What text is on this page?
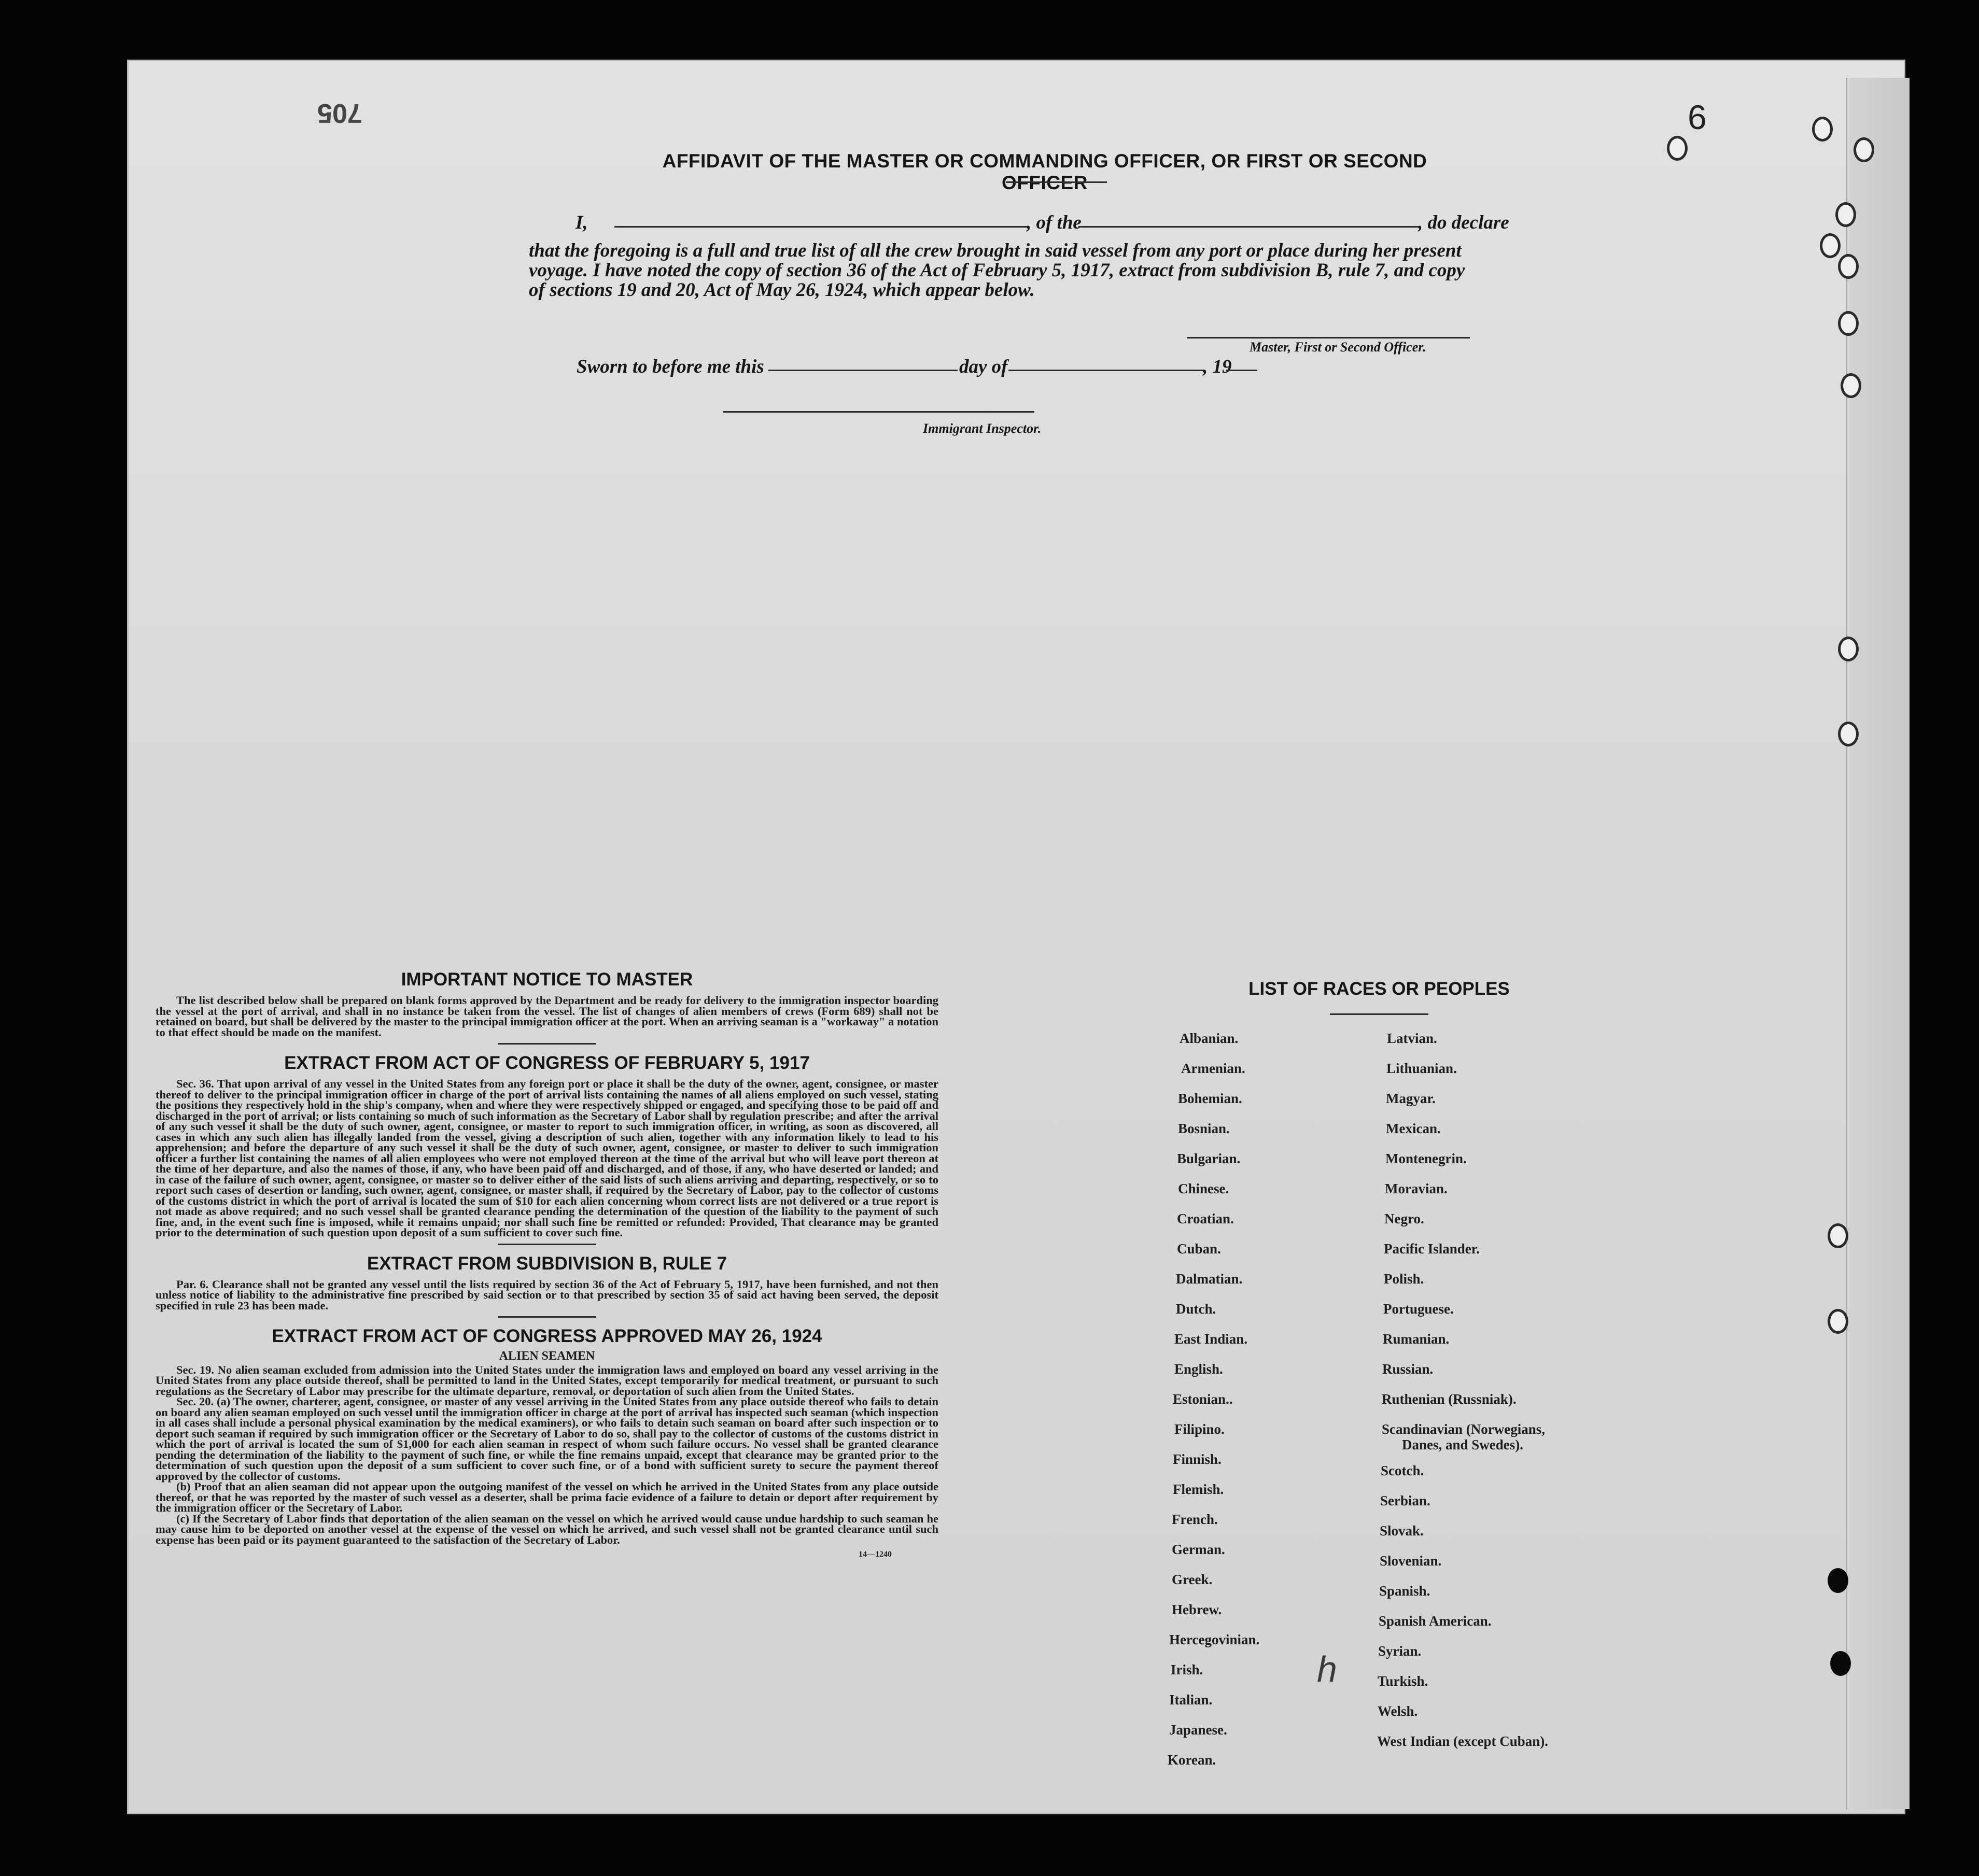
705	6
h
AFFIDAVIT OF THE MASTER OR COMMANDING OFFICER, OR FIRST OR SECOND OFFICER
I,	, of the	, do declare
that the foregoing is a full and true list of all the crew brought in said vessel from any port or place during her present
voyage. I have noted the copy of section 36 of the Act of February 5, 1917, extract from subdivision B, rule 7, and copy
of sections 19 and 20, Act of May 26, 1924, which appear below.
Master, First or Second Officer.
Sworn to before me this	day of	, 19
Immigrant Inspector.

IMPORTANT NOTICE TO MASTER

The list described below shall be prepared on blank forms approved by the Department and be ready for delivery to the immigration inspector boarding the vessel at the port of arrival, and shall in no instance be taken from the vessel. The list of changes of alien members of crews (Form 689) shall not be retained on board, but shall be delivered by the master to the principal immigration officer at the port. When an arriving seaman is a "workaway" a notation to that effect should be made on the manifest.

EXTRACT FROM ACT OF CONGRESS OF FEBRUARY 5, 1917

Sec. 36. That upon arrival of any vessel in the United States from any foreign port or place it shall be the duty of the owner, agent, consignee, or master thereof to deliver to the principal immigration officer in charge of the port of arrival lists containing the names of all aliens employed on such vessel, stating the positions they respectively hold in the ship's company, when and where they were respectively shipped or engaged, and specifying those to be paid off and discharged in the port of arrival; or lists containing so much of such information as the Secretary of Labor shall by regulation prescribe; and after the arrival of any such vessel it shall be the duty of such owner, agent, consignee, or master to report to such immigration officer, in writing, as soon as discovered, all cases in which any such alien has illegally landed from the vessel, giving a description of such alien, together with any information likely to lead to his apprehension; and before the departure of any such vessel it shall be the duty of such owner, agent, consignee, or master to deliver to such immigration officer a further list containing the names of all alien employees who were not employed thereon at the time of the arrival but who will leave port thereon at the time of her departure, and also the names of those, if any, who have been paid off and discharged, and of those, if any, who have deserted or landed; and in case of the failure of such owner, agent, consignee, or master so to deliver either of the said lists of such aliens arriving and departing, respectively, or so to report such cases of desertion or landing, such owner, agent, consignee, or master shall, if required by the Secretary of Labor, pay to the collector of customs of the customs district in which the port of arrival is located the sum of $10 for each alien concerning whom correct lists are not delivered or a true report is not made as above required; and no such vessel shall be granted clearance pending the determination of the question of the liability to the payment of such fine, and, in the event such fine is imposed, while it remains unpaid; nor shall such fine be remitted or refunded: Provided, That clearance may be granted prior to the determination of such question upon deposit of a sum sufficient to cover such fine.

EXTRACT FROM SUBDIVISION B, RULE 7

Par. 6. Clearance shall not be granted any vessel until the lists required by section 36 of the Act of February 5, 1917, have been furnished, and not then unless notice of liability to the administrative fine prescribed by said section or to that prescribed by section 35 of said act having been served, the deposit specified in rule 23 has been made.

EXTRACT FROM ACT OF CONGRESS APPROVED MAY 26, 1924

ALIEN SEAMEN

Sec. 19. No alien seaman excluded from admission into the United States under the immigration laws and employed on board any vessel arriving in the United States from any place outside thereof, shall be permitted to land in the United States, except temporarily for medical treatment, or pursuant to such regulations as the Secretary of Labor may prescribe for the ultimate departure, removal, or deportation of such alien from the United States.

Sec. 20. (a) The owner, charterer, agent, consignee, or master of any vessel arriving in the United States from any place outside thereof who fails to detain on board any alien seaman employed on such vessel until the immigration officer in charge at the port of arrival has inspected such seaman (which inspection in all cases shall include a personal physical examination by the medical examiners), or who fails to detain such seaman on board after such inspection or to deport such seaman if required by such immigration officer or the Secretary of Labor to do so, shall pay to the collector of customs of the customs district in which the port of arrival is located the sum of $1,000 for each alien seaman in respect of whom such failure occurs. No vessel shall be granted clearance pending the determination of the liability to the payment of such fine, or while the fine remains unpaid, except that clearance may be granted prior to the determination of such question upon the deposit of a sum sufficient to cover such fine, or of a bond with sufficient surety to secure the payment thereof approved by the collector of customs.

(b) Proof that an alien seaman did not appear upon the outgoing manifest of the vessel on which he arrived in the United States from any place outside thereof, or that he was reported by the master of such vessel as a deserter, shall be prima facie evidence of a failure to detain or deport after requirement by the immigration officer or the Secretary of Labor.

(c) If the Secretary of Labor finds that deportation of the alien seaman on the vessel on which he arrived would cause undue hardship to such seaman he may cause him to be deported on another vessel at the expense of the vessel on which he arrived, and such vessel shall not be granted clearance until such expense has been paid or its payment guaranteed to the satisfaction of the Secretary of Labor.

14—1240

LIST OF RACES OR PEOPLES
Albanian.
Armenian.
Bohemian.
Bosnian.
Bulgarian.
Chinese.
Croatian.
Cuban.
Dalmatian.
Dutch.
East Indian.
English.
Estonian..
Filipino.
Finnish.
Flemish.
French.
German.
Greek.
Hebrew.
Hercegovinian.
Irish.
Italian.
Japanese.
Korean.
Latvian.
Lithuanian.
Magyar.
Mexican.
Montenegrin.
Moravian.
Negro.
Pacific Islander.
Polish.
Portuguese.
Rumanian.
Russian.
Ruthenian (Russniak).
Scandinavian (Norwegians,
Danes, and Swedes).
Scotch.
Serbian.
Slovak.
Slovenian.
Spanish.
Spanish American.
Syrian.
Turkish.
Welsh.
West Indian (except Cuban).
